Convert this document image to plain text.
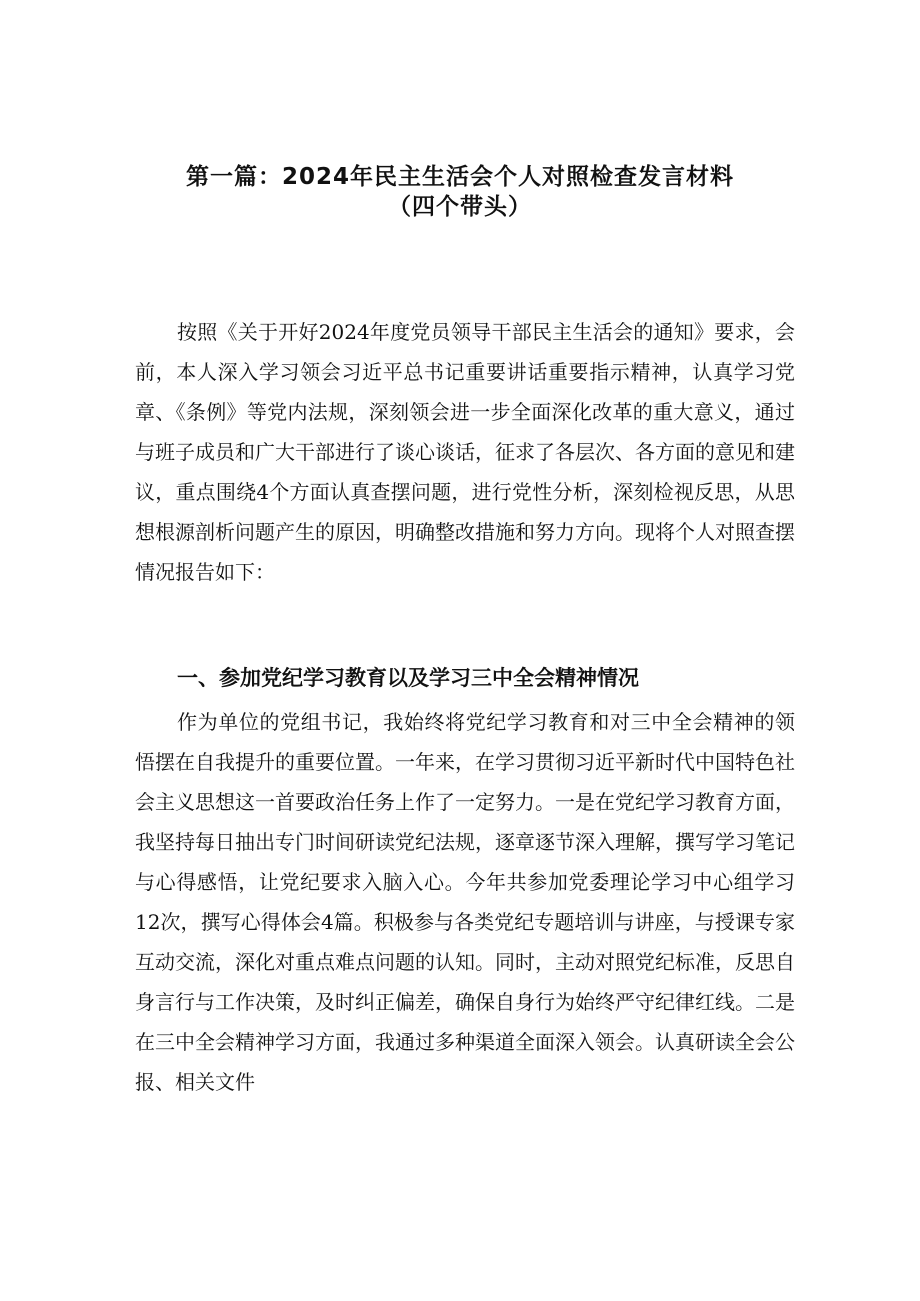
第一篇：2024年民主生活会个人对照检查发言材料
（四个带头）

按照《关于开好2024年度党员领导干部民主生活会的通知》要求，会前，本人深入学习领会习近平总书记重要讲话重要指示精神，认真学习党章、《条例》等党内法规，深刻领会进一步全面深化改革的重大意义，通过与班子成员和广大干部进行了谈心谈话，征求了各层次、各方面的意见和建议，重点围绕4个方面认真查摆问题，进行党性分析，深刻检视反思，从思想根源剖析问题产生的原因，明确整改措施和努力方向。现将个人对照查摆情况报告如下：

一、参加党纪学习教育以及学习三中全会精神情况

作为单位的党组书记，我始终将党纪学习教育和对三中全会精神的领悟摆在自我提升的重要位置。一年来，在学习贯彻习近平新时代中国特色社会主义思想这一首要政治任务上作了一定努力。一是在党纪学习教育方面，我坚持每日抽出专门时间研读党纪法规，逐章逐节深入理解，撰写学习笔记与心得感悟，让党纪要求入脑入心。今年共参加党委理论学习中心组学习12次，撰写心得体会4篇。积极参与各类党纪专题培训与讲座，与授课专家互动交流，深化对重点难点问题的认知。同时，主动对照党纪标准，反思自身言行与工作决策，及时纠正偏差，确保自身行为始终严守纪律红线。二是在三中全会精神学习方面，我通过多种渠道全面深入领会。认真研读全会公报、相关文件
